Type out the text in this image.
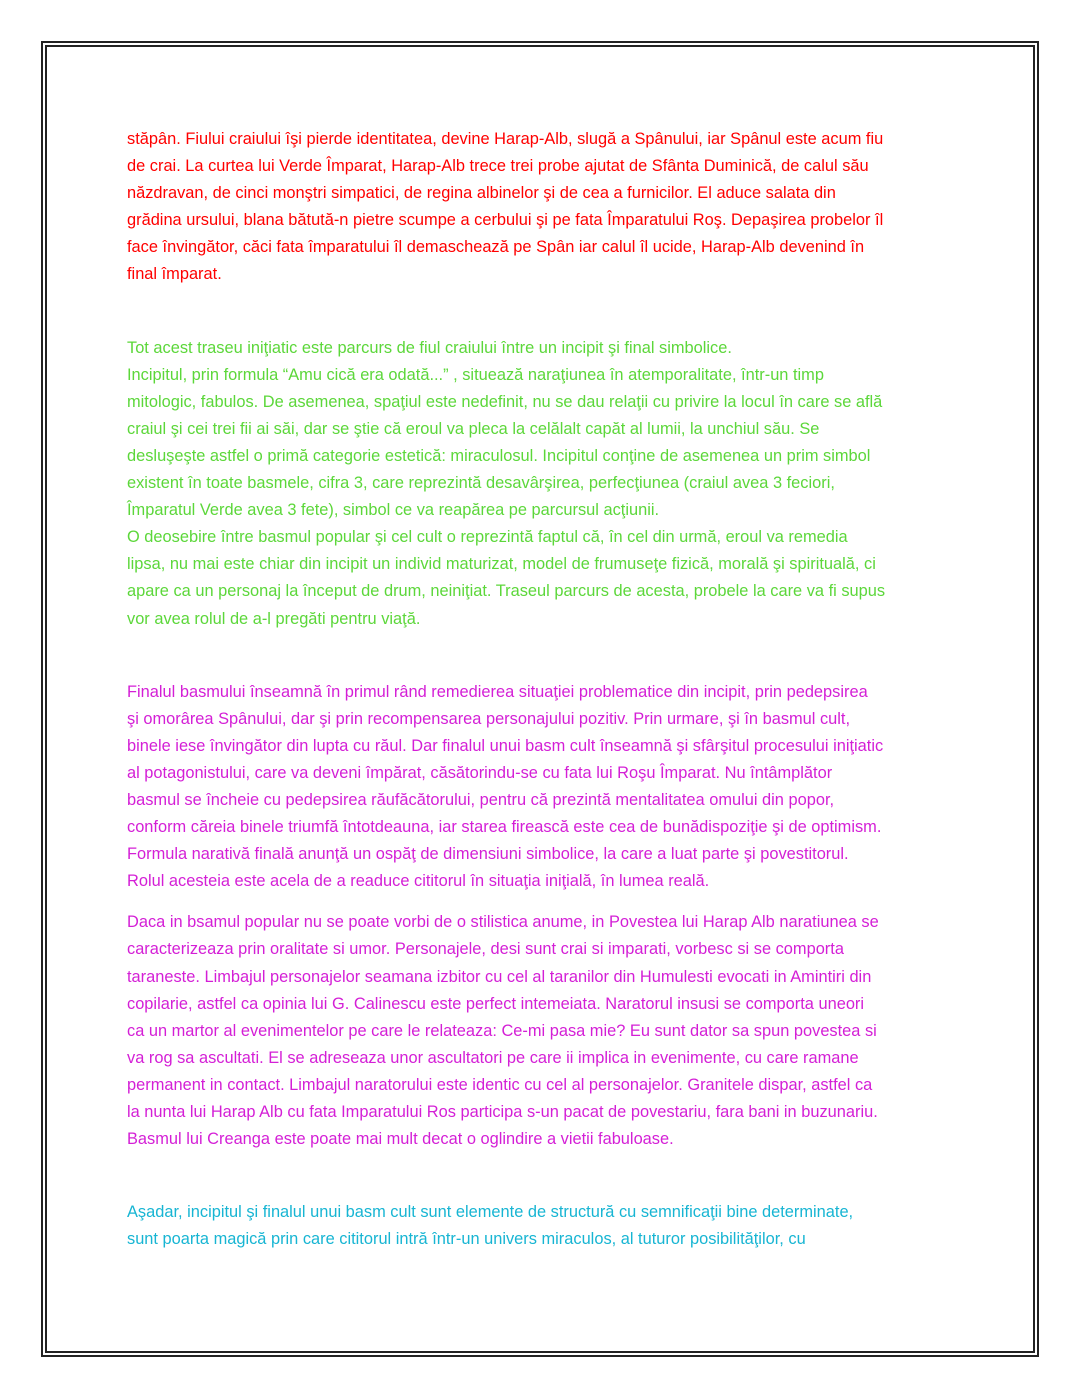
stăpân. Fiului craiului îşi pierde identitatea, devine Harap-Alb, slugă a Spânului, iar Spânul este acum fiu
de crai. La curtea lui Verde Împarat, Harap-Alb trece trei probe ajutat de Sfânta Duminică, de calul său
năzdravan, de cinci monştri simpatici, de regina albinelor şi de cea a furnicilor. El aduce salata din
grădina ursului, blana bătută-n pietre scumpe a cerbului şi pe fata Împaratului Roş. Depaşirea probelor îl
face învingător, căci fata împaratului îl demaschează pe Spân iar calul îl ucide, Harap-Alb devenind în
final împarat.

Tot acest traseu iniţiatic este parcurs de fiul craiului între un incipit şi final simbolice.
Incipitul, prin formula “Amu cică era odată...” , situează naraţiunea în atemporalitate, într-un timp
mitologic, fabulos. De asemenea, spaţiul este nedefinit, nu se dau relaţii cu privire la locul în care se află
craiul şi cei trei fii ai săi, dar se ştie că eroul va pleca la celălalt capăt al lumii, la unchiul său. Se
desluşeşte astfel o primă categorie estetică: miraculosul. Incipitul conţine de asemenea un prim simbol
existent în toate basmele, cifra 3, care reprezintă desavârşirea, perfecţiunea (craiul avea 3 feciori,
Împaratul Verde avea 3 fete), simbol ce va reapărea pe parcursul acţiunii.
O deosebire între basmul popular şi cel cult o reprezintă faptul că, în cel din urmă, eroul va remedia
lipsa, nu mai este chiar din incipit un individ maturizat, model de frumuseţe fizică, morală şi spirituală, ci
apare ca un personaj la început de drum, neiniţiat. Traseul parcurs de acesta, probele la care va fi supus
vor avea rolul de a-l pregăti pentru viaţă.

Finalul basmului înseamnă în primul rând remedierea situaţiei problematice din incipit, prin pedepsirea
şi omorârea Spânului, dar şi prin recompensarea personajului pozitiv. Prin urmare, şi în basmul cult,
binele iese învingător din lupta cu răul. Dar finalul unui basm cult înseamnă şi sfârşitul procesului iniţiatic
al potagonistului, care va deveni împărat, căsătorindu-se cu fata lui Roşu Împarat. Nu întâmplător
basmul se încheie cu pedepsirea răufăcătorului, pentru că prezintă mentalitatea omului din popor,
conform căreia binele triumfă întotdeauna, iar starea firească este cea de bunădispoziţie şi de optimism.
Formula narativă finală anunţă un ospăţ de dimensiuni simbolice, la care a luat parte şi povestitorul.
Rolul acesteia este acela de a readuce cititorul în situaţia iniţială, în lumea reală.

Daca in bsamul popular nu se poate vorbi de o stilistica anume, in Povestea lui Harap Alb naratiunea se
caracterizeaza prin oralitate si umor. Personajele, desi sunt crai si imparati, vorbesc si se comporta
taraneste. Limbajul personajelor seamana izbitor cu cel al taranilor din Humulesti evocati in Amintiri din
copilarie, astfel ca opinia lui G. Calinescu este perfect intemeiata. Naratorul insusi se comporta uneori
ca un martor al evenimentelor pe care le relateaza: Ce-mi pasa mie? Eu sunt dator sa spun povestea si
va rog sa ascultati. El se adreseaza unor ascultatori pe care ii implica in evenimente, cu care ramane
permanent in contact. Limbajul naratorului este identic cu cel al personajelor. Granitele dispar, astfel ca
la nunta lui Harap Alb cu fata Imparatului Ros participa s-un pacat de povestariu, fara bani in buzunariu.
Basmul lui Creanga este poate mai mult decat o oglindire a vietii fabuloase.

Aşadar, incipitul şi finalul unui basm cult sunt elemente de structură cu semnificaţii bine determinate,
sunt poarta magică prin care cititorul intră într-un univers miraculos, al tuturor posibilităţilor, cu
